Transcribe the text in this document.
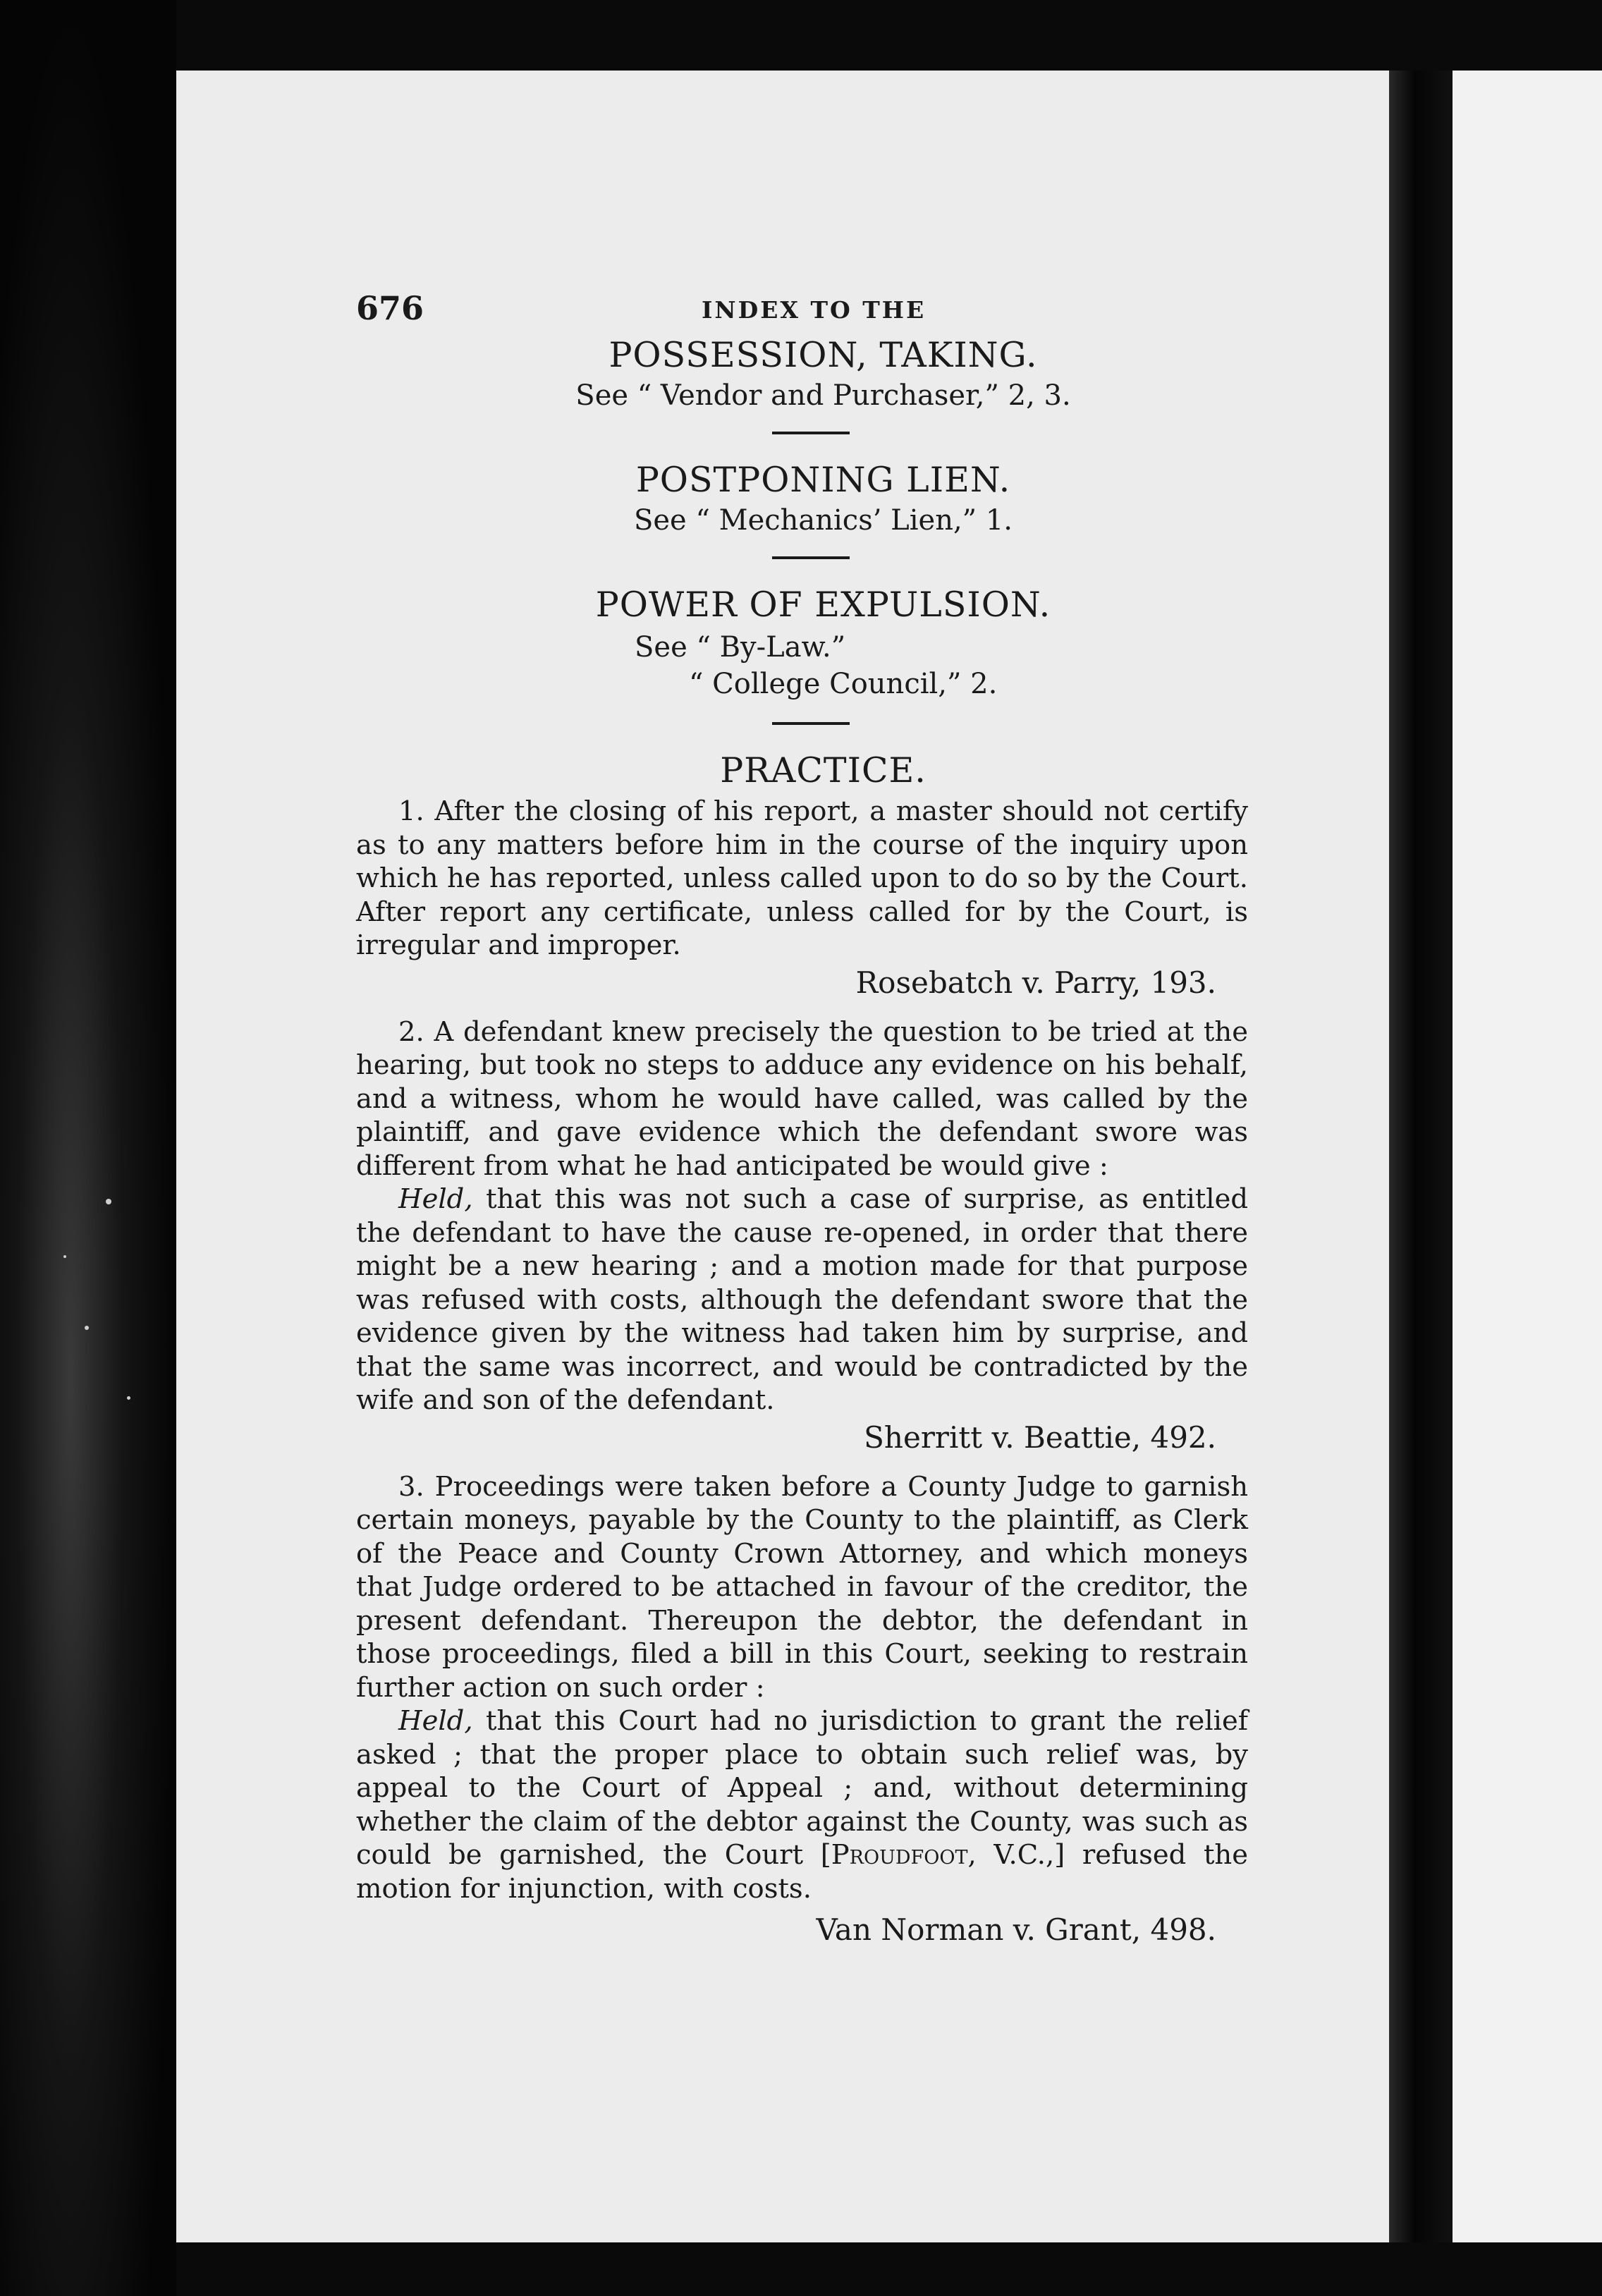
676	INDEX TO THE

POSSESSION, TAKING.

See “ Vendor and Purchaser,” 2, 3.

POSTPONING LIEN.

See “ Mechanics’ Lien,” 1.

POWER OF EXPULSION.

See “ By-Law.”
“ College Council,” 2.

PRACTICE.

1. After the closing of his report, a master should not certify as to any matters before him in the course of the inquiry upon which he has reported, unless called upon to do so by the Court. After report any certificate, unless called for by the Court, is irregular and improper.

Rosebatch v. Parry, 193.

2. A defendant knew precisely the question to be tried at the hearing, but took no steps to adduce any evidence on his behalf, and a witness, whom he would have called, was called by the plaintiff, and gave evidence which the defendant swore was different from what he had anticipated be would give :

Held, that this was not such a case of surprise, as entitled the defendant to have the cause re-opened, in order that there might be a new hearing ; and a motion made for that purpose was refused with costs, although the defendant swore that the evidence given by the witness had taken him by surprise, and that the same was incorrect, and would be contradicted by the wife and son of the defendant.

Sherritt v. Beattie, 492.

3. Proceedings were taken before a County Judge to garnish certain moneys, payable by the County to the plaintiff, as Clerk of the Peace and County Crown Attorney, and which moneys that Judge ordered to be attached in favour of the creditor, the present defendant. Thereupon the debtor, the defendant in those proceedings, filed a bill in this Court, seeking to restrain further action on such order :

Held, that this Court had no jurisdiction to grant the relief asked ; that the proper place to obtain such relief was, by appeal to the Court of Appeal ; and, without determining whether the claim of the debtor against the County, was such as could be garnished, the Court [Proudfoot, V.C.,] refused the motion for injunction, with costs.

Van Norman v. Grant, 498.
